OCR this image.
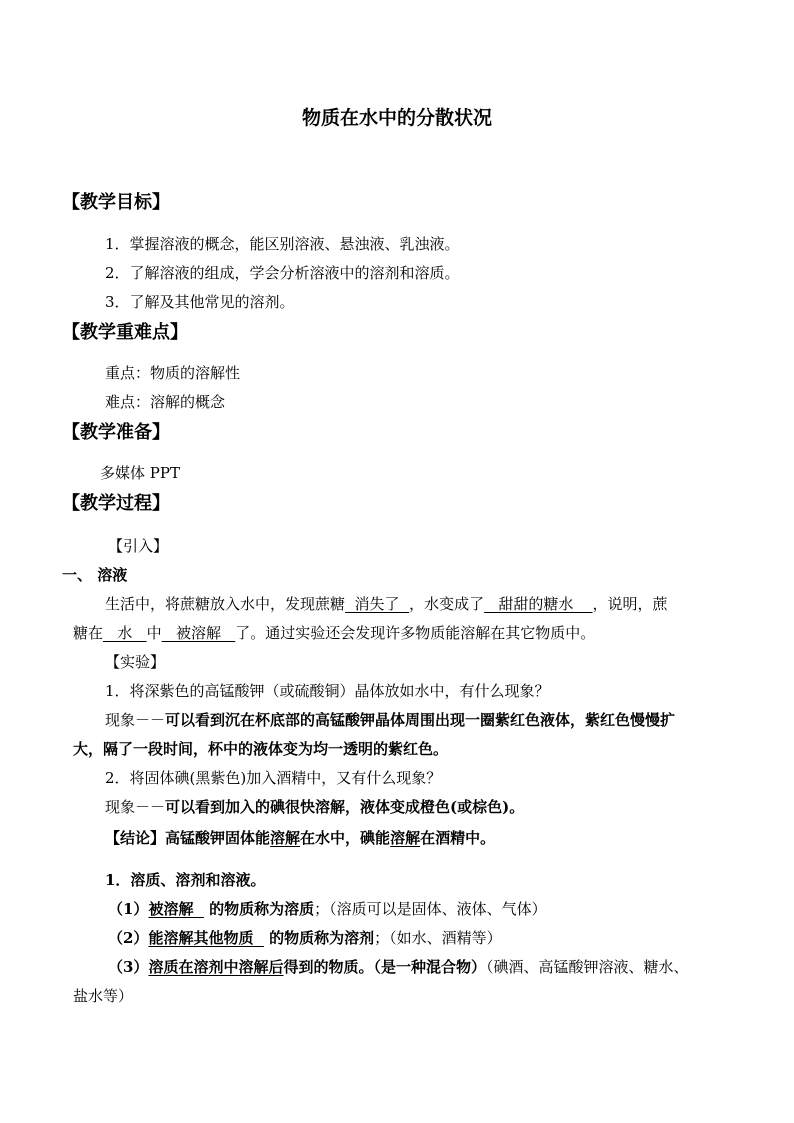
物质在水中的分散状况
【教学目标】
1．掌握溶液的概念，能区别溶液、悬浊液、乳浊液。
2．了解溶液的组成，学会分析溶液中的溶剂和溶质。
3．了解及其他常见的溶剂。
【教学重难点】
重点：物质的溶解性
难点：溶解的概念
【教学准备】
多媒体 PPT
【教学过程】
【引入】
一、 溶液
生活中，将蔗糖放入水中，发现蔗糖  消失了  ，水变成了   甜甜的糖水    ，说明，蔗
糖在   水   中   被溶解   了。通过实验还会发现许多物质能溶解在其它物质中。
【实验】
1．将深紫色的高锰酸钾（或硫酸铜）晶体放如水中，有什么现象？
现象－－可以看到沉在杯底部的高锰酸钾晶体周围出现一圈紫红色液体，紫红色慢慢扩
大，隔了一段时间，杯中的液体变为均一透明的紫红色。
2．将固体碘(黑紫色)加入酒精中，又有什么现象？
现象－－可以看到加入的碘很快溶解，液体变成橙色(或棕色)。
【结论】高锰酸钾固体能溶解在水中，碘能溶解在酒精中。
1．溶质、溶剂和溶液。
（1）被溶解   的物质称为溶质；（溶质可以是固体、液体、气体）
（2）能溶解其他物质   的物质称为溶剂；（如水、酒精等）
（3）溶质在溶剂中溶解后得到的物质。（是一种混合物）（碘酒、高锰酸钾溶液、糖水、
盐水等）
